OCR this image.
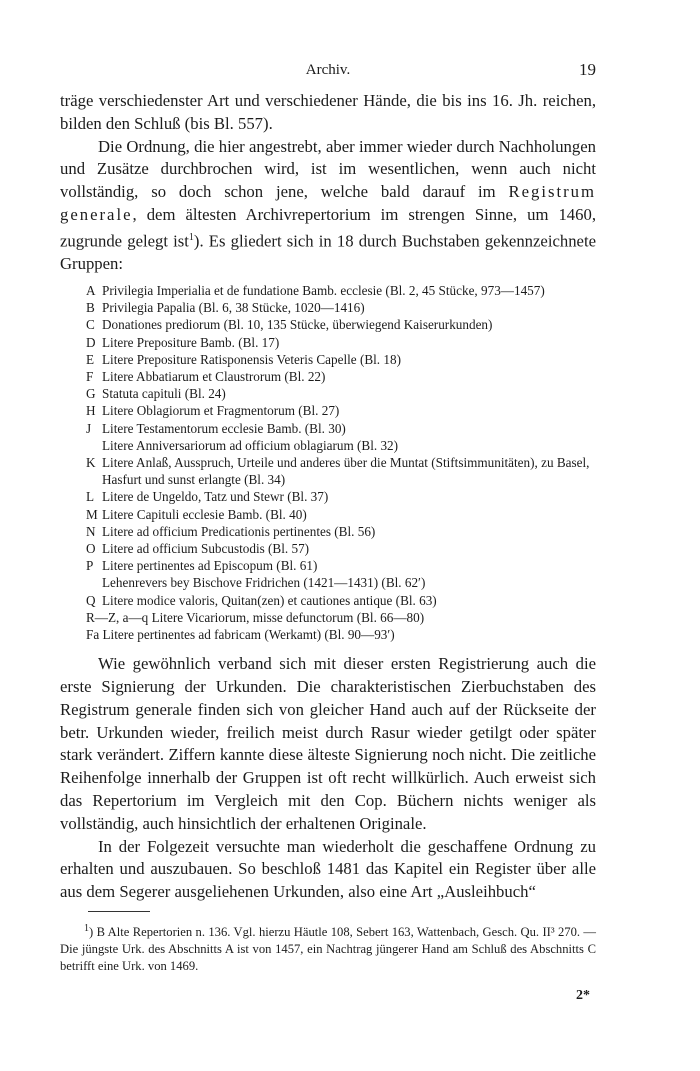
Archiv.	19

träge verschiedenster Art und verschiedener Hände, die bis ins 16. Jh. reichen, bilden den Schluß (bis Bl. 557).

Die Ordnung, die hier angestrebt, aber immer wieder durch Nachholungen und Zusätze durchbrochen wird, ist im wesentlichen, wenn auch nicht vollständig, so doch schon jene, welche bald darauf im Registrum generale, dem ältesten Archivrepertorium im strengen Sinne, um 1460, zugrunde gelegt ist$^1$). Es gliedert sich in 18 durch Buchstaben gekennzeichnete Gruppen:

A Privilegia Imperialia et de fundatione Bamb. ecclesie (Bl. 2, 45 Stücke, 973—1457)
B Privilegia Papalia (Bl. 6, 38 Stücke, 1020—1416)
C Donationes prediorum (Bl. 10, 135 Stücke, überwiegend Kaiserurkunden)
D Litere Prepositure Bamb. (Bl. 17)
E Litere Prepositure Ratisponensis Veteris Capelle (Bl. 18)
F Litere Abbatiarum et Claustrorum (Bl. 22)
G Statuta capituli (Bl. 24)
H Litere Oblagiorum et Fragmentorum (Bl. 27)
J Litere Testamentorum ecclesie Bamb. (Bl. 30)
Litere Anniversariorum ad officium oblagiarum (Bl. 32)
K Litere Anlaß, Ausspruch, Urteile und anderes über die Muntat (Stiftsimmunitäten), zu Basel, Hasfurt und sunst erlangte (Bl. 34)
L Litere de Ungeldo, Tatz und Stewr (Bl. 37)
M Litere Capituli ecclesie Bamb. (Bl. 40)
N Litere ad officium Predicationis pertinentes (Bl. 56)
O Litere ad officium Subcustodis (Bl. 57)
P Litere pertinentes ad Episcopum (Bl. 61)
Lehenrevers bey Bischove Fridrichen (1421—1431) (Bl. 62′)
Q Litere modice valoris, Quitan(zen) et cautiones antique (Bl. 63)
R—Z, a—q Litere Vicariorum, misse defunctorum (Bl. 66—80)
Fa Litere pertinentes ad fabricam (Werkamt) (Bl. 90—93′)

Wie gewöhnlich verband sich mit dieser ersten Registrierung auch die erste Signierung der Urkunden. Die charakteristischen Zierbuchstaben des Registrum generale finden sich von gleicher Hand auch auf der Rückseite der betr. Urkunden wieder, freilich meist durch Rasur wieder getilgt oder später stark verändert. Ziffern kannte diese älteste Signierung noch nicht. Die zeitliche Reihenfolge innerhalb der Gruppen ist oft recht willkürlich. Auch erweist sich das Repertorium im Vergleich mit den Cop. Büchern nichts weniger als vollständig, auch hinsichtlich der erhaltenen Originale.

In der Folgezeit versuchte man wiederholt die geschaffene Ordnung zu erhalten und auszubauen. So beschloß 1481 das Kapitel ein Register über alle aus dem Segerer ausgeliehenen Urkunden, also eine Art „Ausleihbuch“

$^1$) B Alte Repertorien n. 136. Vgl. hierzu Häutle 108, Sebert 163, Wattenbach, Gesch. Qu. II³ 270. — Die jüngste Urk. des Abschnitts A ist von 1457, ein Nachtrag jüngerer Hand am Schluß des Abschnitts C betrifft eine Urk. von 1469.

2*
